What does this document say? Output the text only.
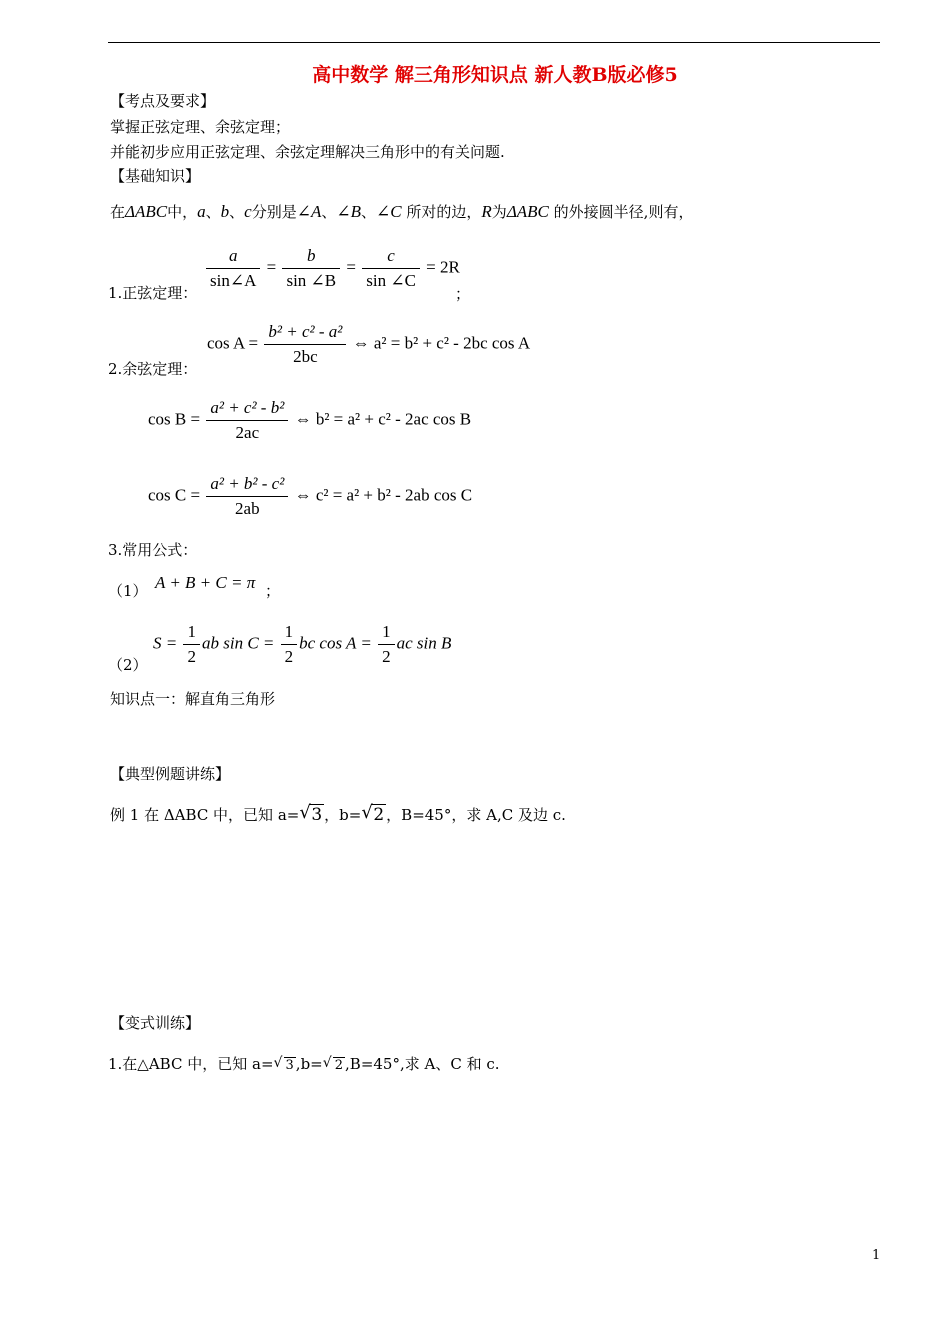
高中数学 解三角形知识点 新人教B版必修5
【考点及要求】
掌握正弦定理、余弦定理；
并能初步应用正弦定理、余弦定理解决三角形中的有关问题.
【基础知识】
在ΔABC中，a、b、c分别是∠A、∠B、∠C 所对的边，R为ΔABC 的外接圆半径,则有，
1.正弦定理：
$\frac{a}{\sin\angle A} = \frac{b}{\sin \angle B} = \frac{c}{\sin \angle C} = 2R$
；
2.余弦定理：
$\cos A = \frac{\text{b² + c² - a²}}{2bc}$ ⇔ a² = b² + c² - 2bc cos A
$\cos B = \frac{\text{a² + c² - b²}}{2ac}$ ⇔ b² = a² + c² - 2ac cos B
$\cos C = \frac{\text{a² + b² - c²}}{2ab}$ ⇔ c² = a² + b² - 2ab cos C
3.常用公式：
（1） A + B + C = π ；
（2）
$S = \frac{1}{2}$ ab $\sin C = \frac{1}{2}$ bc $\cos A = \frac{1}{2}$ ac sin B
知识点一：解直角三角形
【典型例题讲练】
例 1 在 ΔABC 中，已知 a= √ 3 ，b= √ 2 ，B=45°，求 A,C 及边 c.
【变式训练】
1.在△ABC 中，已知 a= √ 3 ,b= √ 2 ,B=45°,求 A、C 和 c.
1
